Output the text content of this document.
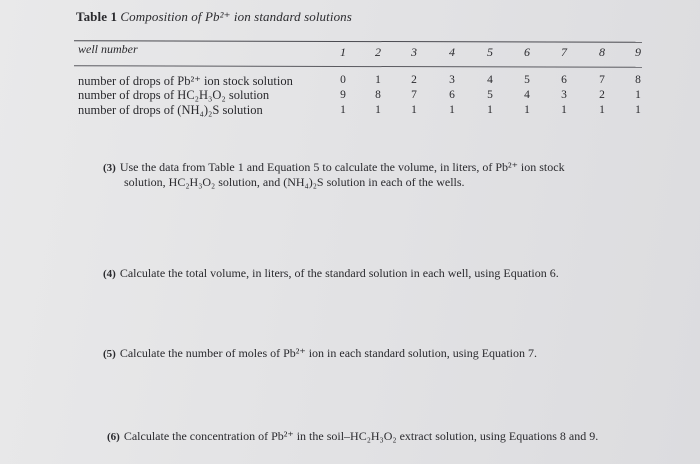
Table 1 Composition of Pb²⁺ ion standard solutions
well number	1	2	3	4	5	6	7	8	9
number of drops of Pb²⁺ ion stock solution	0	1	2	3	4	5	6	7	8
number of drops of HC₂H₃O₂ solution	9	8	7	6	5	4	3	2	1
number of drops of (NH₄)₂S solution	1	1	1	1	1	1	1	1	1
(3) Use the data from Table 1 and Equation 5 to calculate the volume, in liters, of Pb²⁺ ion stock
solution, HC₂H₃O₂ solution, and (NH₄)₂S solution in each of the wells.
(4) Calculate the total volume, in liters, of the standard solution in each well, using Equation 6.
(5) Calculate the number of moles of Pb²⁺ ion in each standard solution, using Equation 7.
(6) Calculate the concentration of Pb²⁺ in the soil–HC₂H₃O₂ extract solution, using Equations 8 and 9.
